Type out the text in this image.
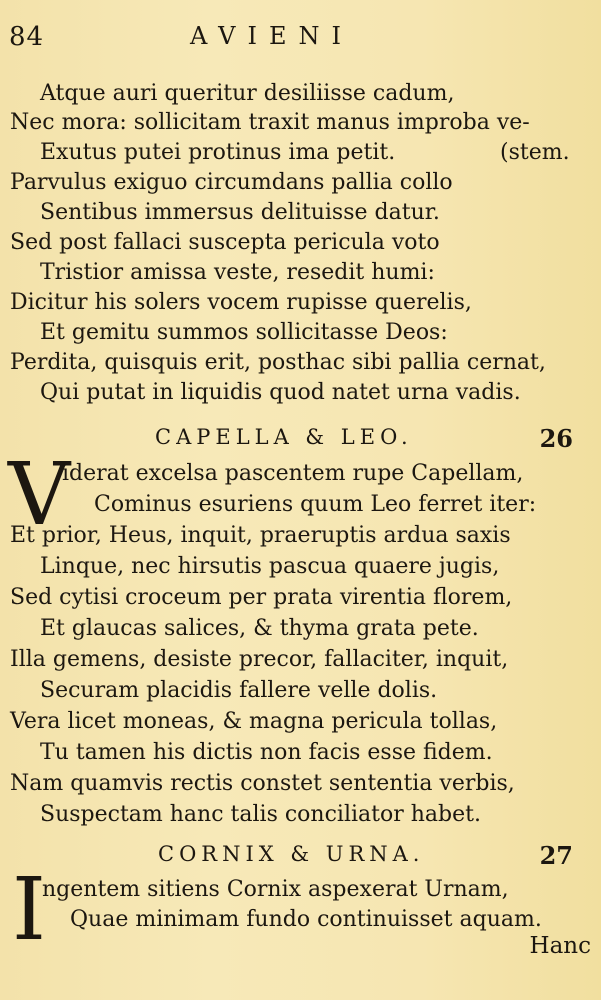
84	AVIENI
Atque auri queritur desiliisse cadum,
Nec mora: sollicitam traxit manus improba ve-
Exutus putei protinus ima petit.	(stem.
Parvulus exiguo circumdans pallia collo
Sentibus immersus delituisse datur.
Sed post fallaci suscepta pericula voto
Tristior amissa veste, resedit humi:
Dicitur his solers vocem rupisse querelis,
Et gemitu summos sollicitasse Deos:
Perdita, quisquis erit, posthac sibi pallia cernat,
Qui putat in liquidis quod natet urna vadis.
CAPELLA & LEO.	26
V
iderat excelsa pascentem rupe Capellam,
Cominus esuriens quum Leo ferret iter:
Et prior, Heus, inquit, praeruptis ardua saxis
Linque, nec hirsutis pascua quaere jugis,
Sed cytisi croceum per prata virentia florem,
Et glaucas salices, & thyma grata pete.
Illa gemens, desiste precor, fallaciter, inquit,
Securam placidis fallere velle dolis.
Vera licet moneas, & magna pericula tollas,
Tu tamen his dictis non facis esse fidem.
Nam quamvis rectis constet sententia verbis,
Suspectam hanc talis conciliator habet.
CORNIX & URNA.	27
I
ngentem sitiens Cornix aspexerat Urnam,
Quae minimam fundo continuisset aquam.
Hanc
